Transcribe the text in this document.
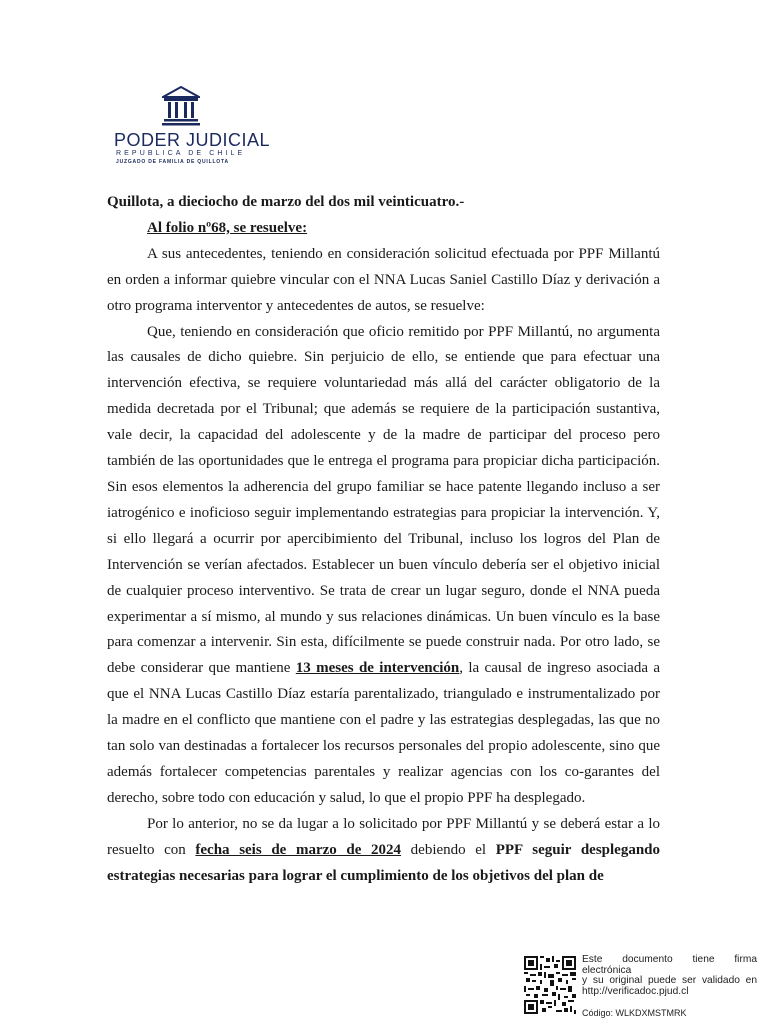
PODER JUDICIAL
REPUBLICA DE CHILE
JUZGADO DE FAMILIA DE QUILLOTA

Quillota, a dieciocho de marzo del dos mil veinticuatro.-

Al folio nº68, se resuelve:

A sus antecedentes, teniendo en consideración solicitud efectuada por PPF Millantú en orden a informar quiebre vincular con el NNA Lucas Saniel Castillo Díaz y derivación a otro programa interventor y antecedentes de autos, se resuelve:

Que, teniendo en consideración que oficio remitido por PPF Millantú, no argumenta las causales de dicho quiebre. Sin perjuicio de ello, se entiende que para efectuar una intervención efectiva, se requiere voluntariedad más allá del carácter obligatorio de la medida decretada por el Tribunal; que además se requiere de la participación sustantiva, vale decir, la capacidad del adolescente y de la madre de participar del proceso pero también de las oportunidades que le entrega el programa para propiciar dicha participación. Sin esos elementos la adherencia del grupo familiar se hace patente llegando incluso a ser iatrogénico e inoficioso seguir implementando estrategias para propiciar la intervención. Y, si ello llegará a ocurrir por apercibimiento del Tribunal, incluso los logros del Plan de Intervención se verían afectados. Establecer un buen vínculo debería ser el objetivo inicial de cualquier proceso interventivo. Se trata de crear un lugar seguro, donde el NNA pueda experimentar a sí mismo, al mundo y sus relaciones dinámicas. Un buen vínculo es la base para comenzar a intervenir. Sin esta, difícilmente se puede construir nada. Por otro lado, se debe considerar que mantiene 13 meses de intervención, la causal de ingreso asociada a que el NNA Lucas Castillo Díaz estaría parentalizado, triangulado e instrumentalizado por la madre en el conflicto que mantiene con el padre y las estrategias desplegadas, las que no tan solo van destinadas a fortalecer los recursos personales del propio adolescente, sino que además fortalecer competencias parentales y realizar agencias con los co-garantes del derecho, sobre todo con educación y salud, lo que el propio PPF ha desplegado.

Por lo anterior, no se da lugar a lo solicitado por PPF Millantú y se deberá estar a lo resuelto con fecha seis de marzo de 2024 debiendo el PPF seguir desplegando estrategias necesarias para lograr el cumplimiento de los objetivos del plan de

Este documento tiene firma electrónica
y su original puede ser validado en
http://verificadoc.pjud.cl
Código: WLKDXMSTMRK
